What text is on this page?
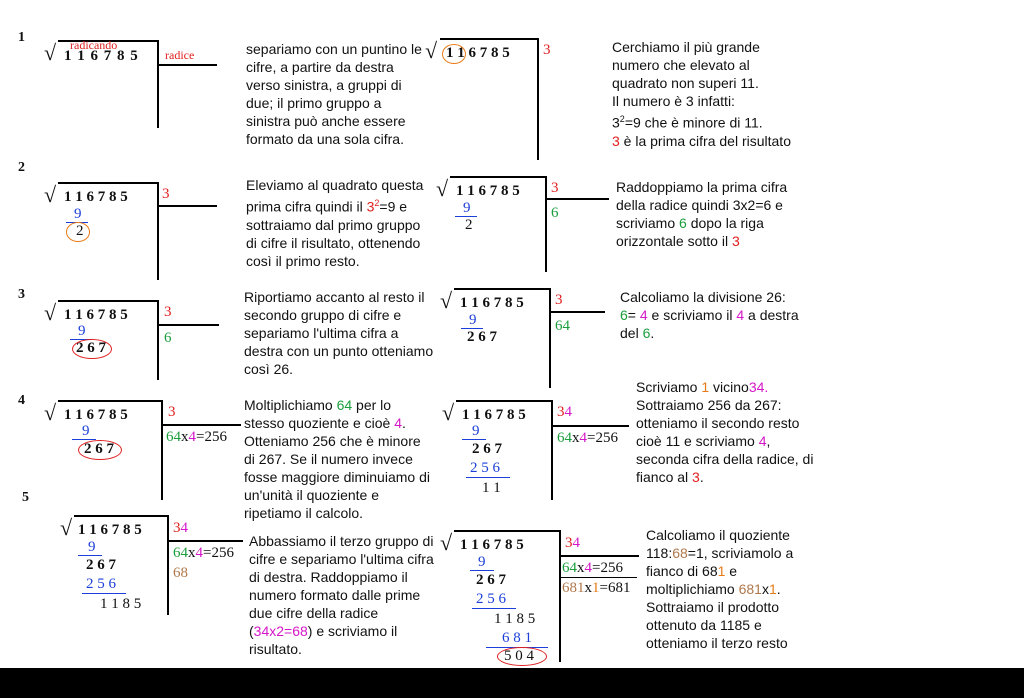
1
2
3
4
5
√ radicando
1 1 6 7 8 5 radice	separiamo con un puntino le cifre, a partire da destra verso sinistra, a gruppi di due; il primo gruppo a sinistra può anche essere formato da una sola cifra.
√ 1 1 6 7 8 5 3	Cerchiamo il più grande numero che elevato al quadrato non superi 11.
Il numero è 3 infatti:
$3^2=9$ che è minore di 11.
3 è la prima cifra del risultato
√ 1 1 6 7 8 5 3
9
2
Eleviamo al quadrato questa prima cifra quindi il $3^2=9$ e sottraiamo dal primo gruppo di cifre il risultato, ottenendo così il primo resto.
√ 1 1 6 7 8 5 3
6
9
2
Raddoppiamo la prima cifra della radice quindi 3x2=6 e scriviamo 6 dopo la riga orizzontale sotto il 3
√ 1 1 6 7 8 5 3
6
9
2 6 7
Riportiamo accanto al resto il secondo gruppo di cifre e separiamo l'ultima cifra a destra con un punto otteniamo così 26.
√ 1 1 6 7 8 5 3
64
9
2 6 7
Calcoliamo la divisione 26: 6= 4 e scriviamo il 4 a destra del 6.
√ 1 1 6 7 8 5	3
64x4=256
9
2 6 7
Moltiplichiamo 64 per lo stesso quoziente e cioè 4. Otteniamo 256 che è minore di 267. Se il numero invece fosse maggiore diminuiamo di un'unità il quoziente e ripetiamo il calcolo.
√ 1 1 6 7 8 5 34
64x4=256
9
2 6 7
2 5 6
1 1
Scriviamo 1 vicino34.
Sottraiamo 256 da 267: otteniamo il secondo resto cioè 11 e scriviamo 4, seconda cifra della radice, di fianco al 3.
√ 1 1 6 7 8 5 34
64x4=256
68
9
2 6 7
2 5 6
1 1 8 5
Abbassiamo il terzo gruppo di cifre e separiamo l'ultima cifra di destra. Raddoppiamo il numero formato dalle prime due cifre della radice (34x2=68) e scriviamo il risultato.
√ 1 1 6 7 8 5	34
64x4=256
681x1=681
9
2 6 7
2 5 6
1 1 8 5
6 8 1
5 0 4
Calcoliamo il quoziente 118:68=1, scriviamolo a fianco di 681 e moltiplichiamo 681x1. Sottraiamo il prodotto ottenuto da 1185 e otteniamo il terzo resto
